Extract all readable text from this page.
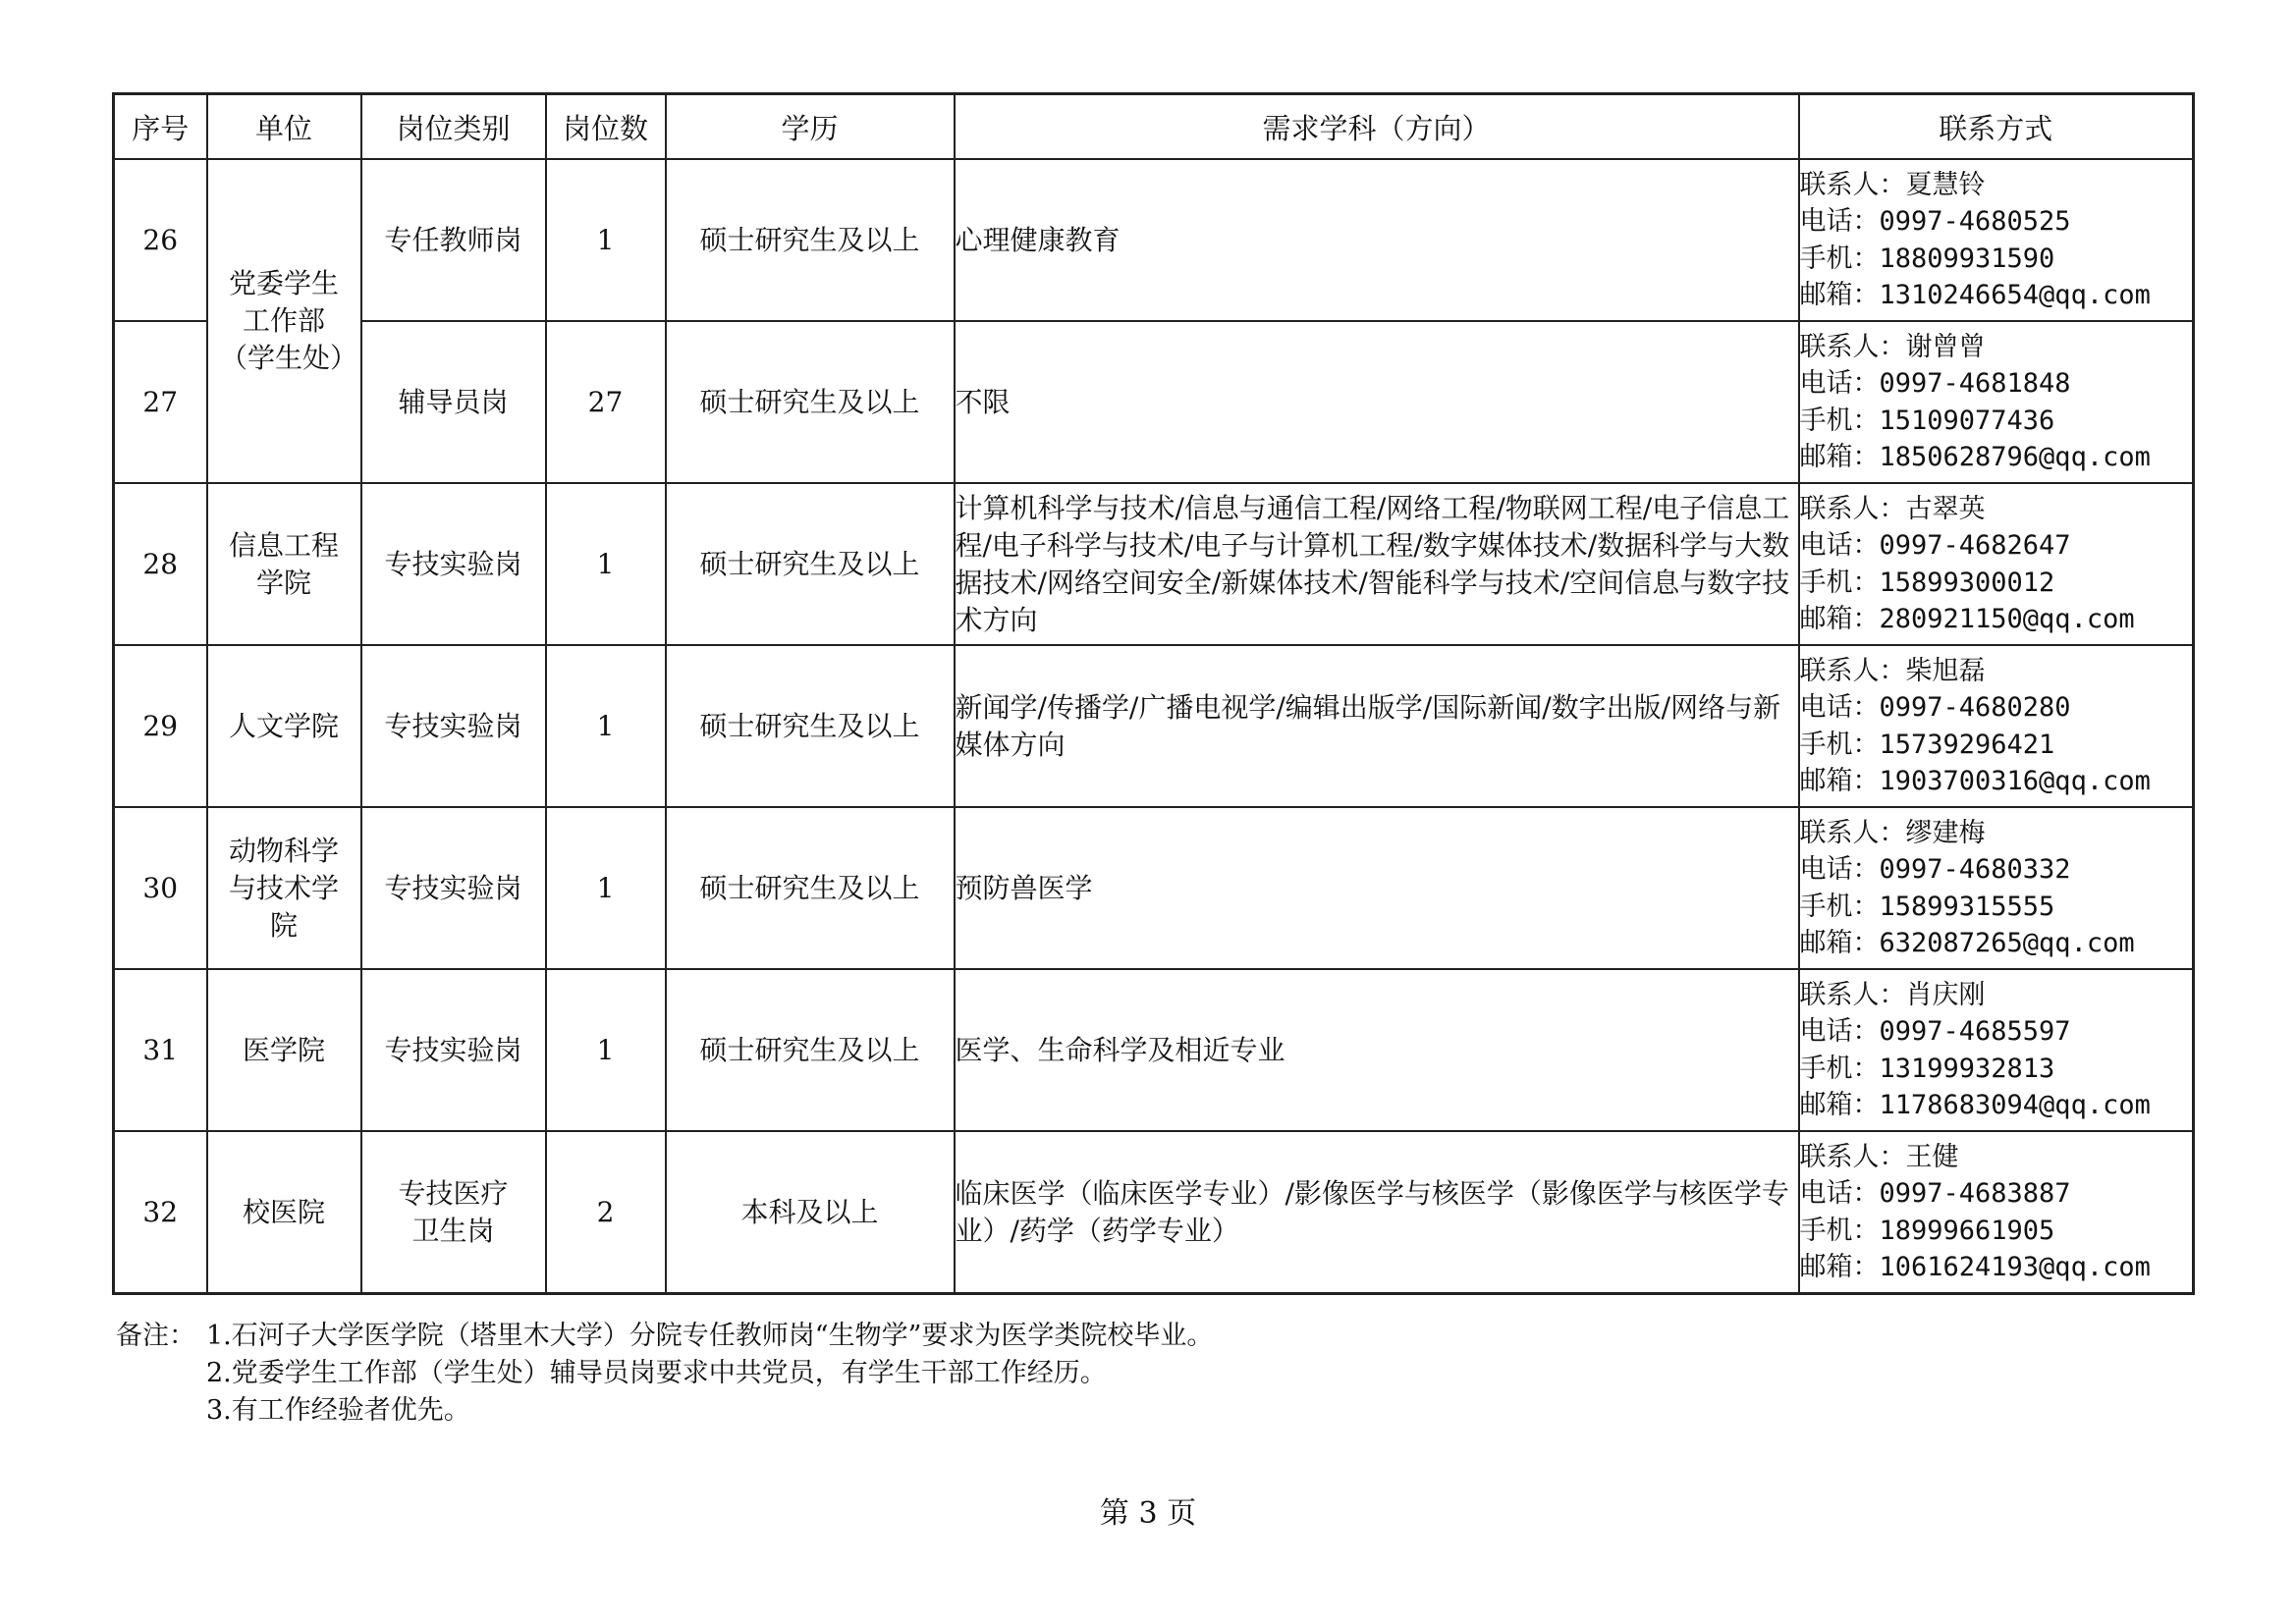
序号	单位	岗位类别	岗位数	学历	需求学科（方向）	联系方式
26	党委学生工作部（学生处）	专任教师岗	1	硕士研究生及以上	心理健康教育	联系人：夏慧铃
电话：0997-4680525
手机：18809931590
邮箱：1310246654@qq.com

27		辅导员岗	27	硕士研究生及以上	不限	联系人：谢曾曾
电话：0997-4681848
手机：15109077436
邮箱：1850628796@qq.com

28	信息工程学院	专技实验岗	1	硕士研究生及以上	计算机科学与技术/信息与通信工程/网络工程/物联网工程/电子信息工程/电子科学与技术/电子与计算机工程/数字媒体技术/数据科学与大数据技术/网络空间安全/新媒体技术/智能科学与技术/空间信息与数字技术方向	联系人：古翠英
电话：0997-4682647
手机：15899300012
邮箱：280921150@qq.com

29	人文学院	专技实验岗	1	硕士研究生及以上	新闻学/传播学/广播电视学/编辑出版学/国际新闻/数字出版/网络与新媒体方向	联系人：柴旭磊
电话：0997-4680280
手机：15739296421
邮箱：1903700316@qq.com

30	动物科学与技术学院	专技实验岗	1	硕士研究生及以上	预防兽医学	联系人：缪建梅
电话：0997-4680332
手机：15899315555
邮箱：632087265@qq.com

31	医学院	专技实验岗	1	硕士研究生及以上	医学、生命科学及相近专业	联系人：肖庆刚
电话：0997-4685597
手机：13199932813
邮箱：1178683094@qq.com

32	校医院	专技医疗卫生岗	2	本科及以上	临床医学（临床医学专业）/影像医学与核医学（影像医学与核医学专业）/药学（药学专业）	联系人：王健
电话：0997-4683887
手机：18999661905
邮箱：1061624193@qq.com
备注： 1.石河子大学医学院（塔里木大学）分院专任教师岗“生物学”要求为医学类院校毕业。
2.党委学生工作部（学生处）辅导员岗要求中共党员，有学生干部工作经历。
3.有工作经验者优先。
第 3 页
